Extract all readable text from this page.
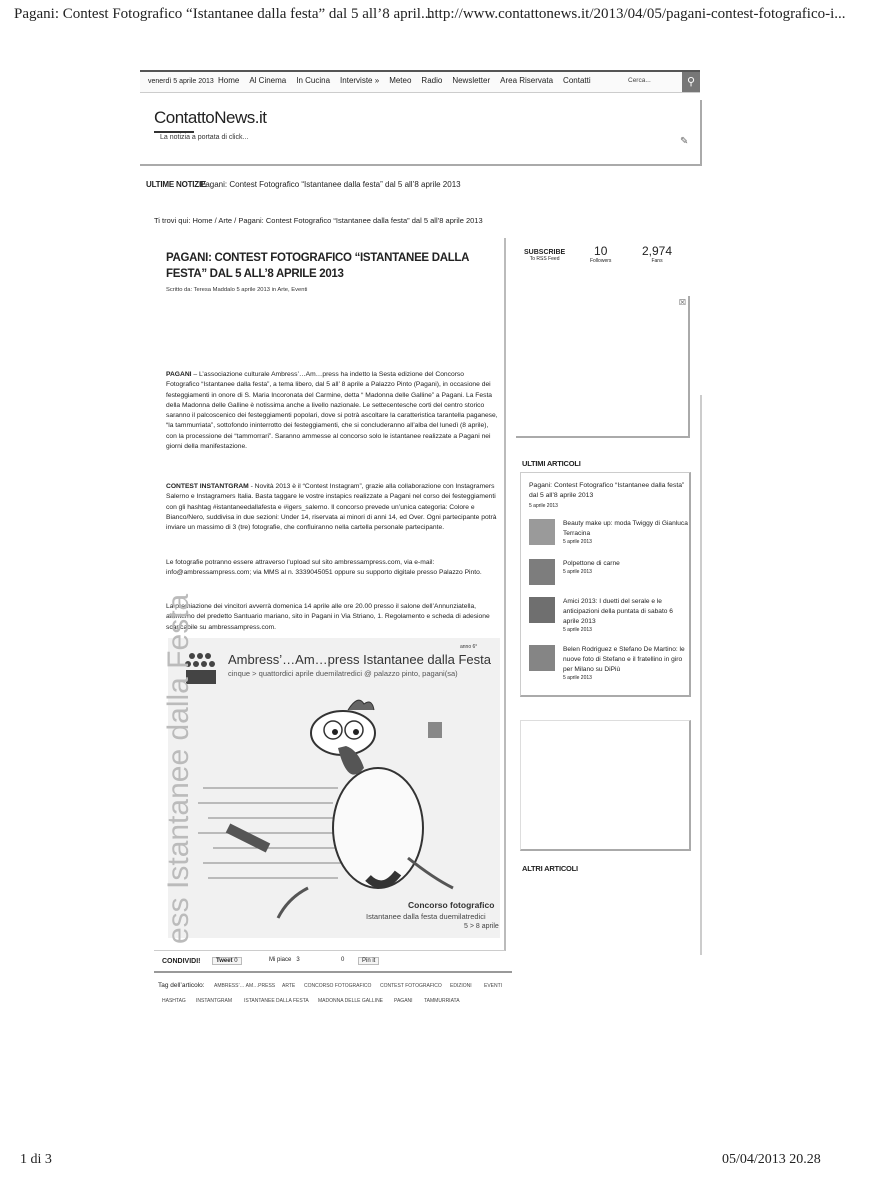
Pagani: Contest Fotografico “Istantanee dalla festa” dal 5 all’8 april...
http://www.contattonews.it/2013/04/05/pagani-contest-fotografico-i...
venerdì 5 aprile 2013 Home Al Cinema In Cucina Interviste » Meteo Radio Newsletter Area Riservata Contatti	Cerca...	⚲
ContattoNews.it
La notizia a portata di click...	✎
ULTIME NOTIZIE
Pagani: Contest Fotografico “Istantanee dalla festa” dal 5 all’8 aprile 2013
Ti trovi qui: Home / Arte / Pagani: Contest Fotografico “Istantanee dalla festa” dal 5 all’8 aprile 2013
PAGANI: CONTEST FOTOGRAFICO “ISTANTANEE DALLA FESTA” DAL 5 ALL’8 APRILE 2013
Scritto da: Teresa Maddalo 5 aprile 2013 in Arte, Eventi
PAGANI – L’associazione culturale Ambress’…Am…press ha indetto la Sesta edizione del Concorso Fotografico “Istantanee dalla festa”, a tema libero, dal 5 all’ 8 aprile a Palazzo Pinto (Pagani), in occasione dei festeggiamenti in onore di S. Maria Incoronata del Carmine, detta “ Madonna delle Galline” a Pagani. La Festa della Madonna delle Galline è notissima anche a livello nazionale. Le settecentesche corti del centro storico saranno il palcoscenico dei festeggiamenti popolari, dove si potrà ascoltare la caratteristica tarantella paganese, “la tammurriata”, sottofondo ininterrotto dei festeggiamenti, che si concluderanno all’alba del lunedì (8 aprile), con la processione dei “tammorrari”. Saranno ammesse al concorso solo le istantanee realizzate a Pagani nei giorni della manifestazione.
CONTEST INSTANTGRAM - Novità 2013 è il “Contest Instagram”, grazie alla collaborazione con Instagramers Salerno e Instagramers Italia. Basta taggare le vostre instapics realizzate a Pagani nel corso dei festeggiamenti con gli hashtag #istantaneedallafesta e #igers_salerno. Il concorso prevede un’unica categoria: Colore e Bianco/Nero, suddivisa in due sezioni: Under 14, riservata ai minori di anni 14, ed Over. Ogni partecipante potrà inviare un massimo di 3 (tre) fotografie, che confluiranno nella cartella personale partecipante.
Le fotografie potranno essere attraverso l’upload sul sito ambressampress.com, via e-mail: info@ambressampress.com; via MMS al n. 3339045051 oppure su supporto digitale presso Palazzo Pinto.
La premiazione dei vincitori avverrà domenica 14 aprile alle ore 20.00 presso il salone dell’Annunziatella, all’interno del predetto Santuario mariano, sito in Pagani in Via Striano, 1. Regolamento e scheda di adesione scaricabile su ambressampress.com.
ess Istantanee dalla Festa	Ambress’…Am…press Istantanee dalla Festa
cinque > quattordici aprile duemilatredici @ palazzo pinto, pagani(sa)
anno 6°
Concorso fotografico
Istantanee dalla festa duemilatredici
5 > 8 aprile
CONDIVIDI!	Tweet 0	Mi piace 3	0	Pin it
Tag dell’articolo: AMBRESS’… AM…PRESS ARTE CONCORSO FOTOGRAFICO CONTEST FOTOGRAFICO EDIZIONI EVENTI
HASHTAG INSTANTGRAM ISTANTANEE DALLA FESTA MADONNA DELLE GALLINE PAGANI TAMMURRIATA
SUBSCRIBE
To RSS Feed
10
Followers
2,974
Fans
☒
ULTIMI ARTICOLI
Pagani: Contest Fotografico “Istantanee dalla festa” dal 5 all’8 aprile 2013
5 aprile 2013
Beauty make up: moda Twiggy di Gianluca Terracina
5 aprile 2013
Polpettone di carne
5 aprile 2013
Amici 2013: I duetti del serale e le anticipazioni della puntata di sabato 6 aprile 2013
5 aprile 2013
Belen Rodriguez e Stefano De Martino: le nuove foto di Stefano e il fratellino in giro per Milano su DiPiù
5 aprile 2013
ALTRI ARTICOLI
1 di 3	05/04/2013 20.28
